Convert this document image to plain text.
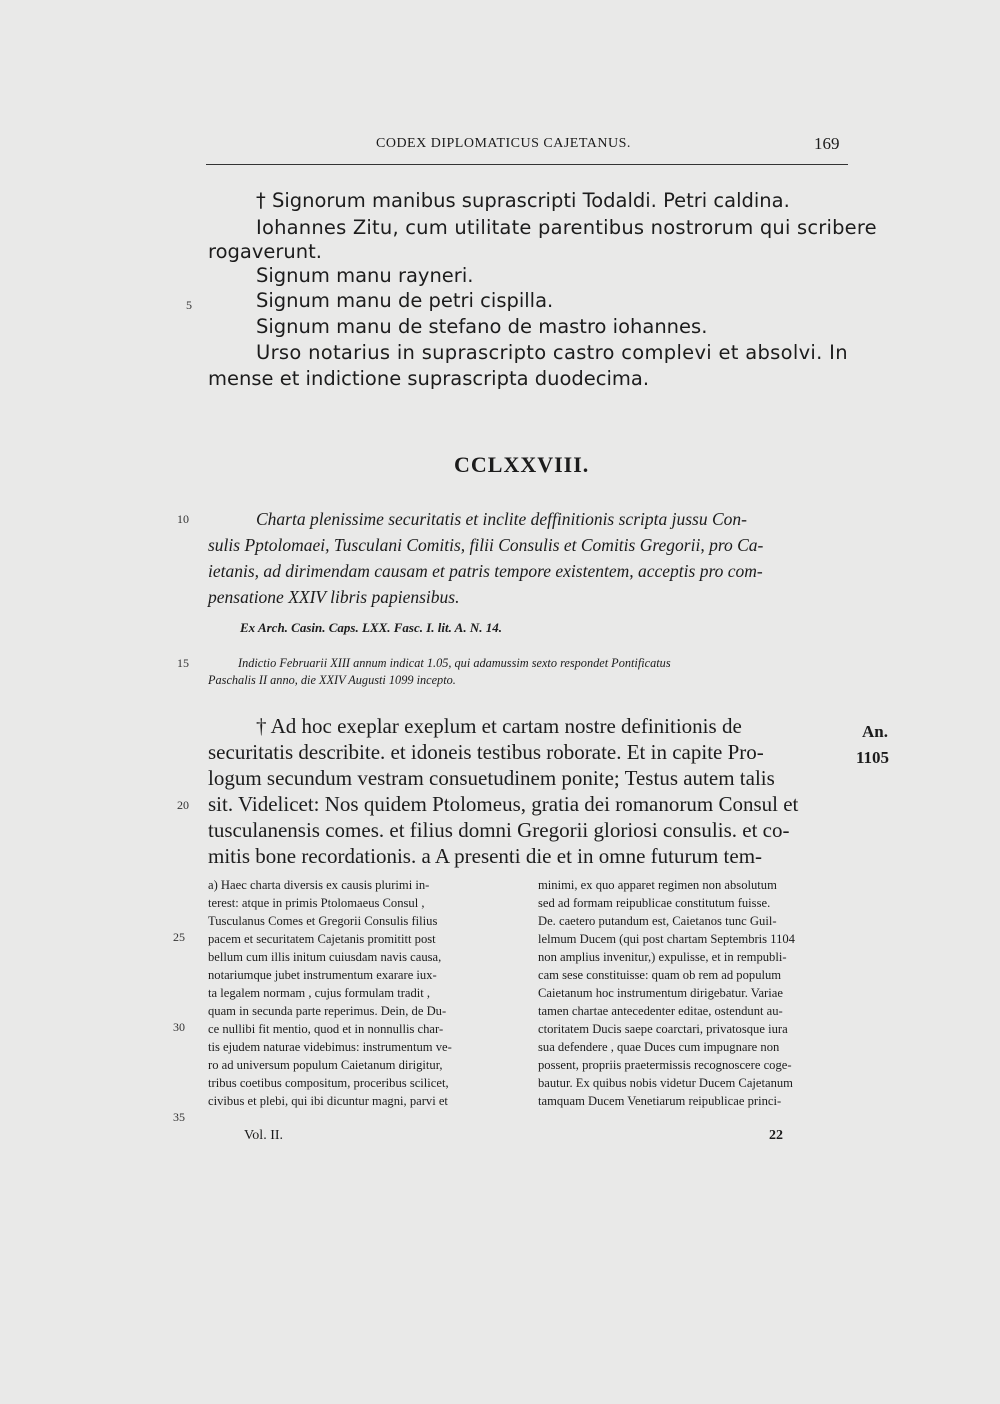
CODEX DIPLOMATICUS CAJETANUS.	169
5
10
15
20
25
30
35
† Signorum manibus suprascripti Todaldi. Petri caldina.
Iohannes Zitu, cum utilitate parentibus nostrorum qui scribere
rogaverunt.
Signum manu rayneri.
Signum manu de petri cispilla.
Signum manu de stefano de mastro iohannes.
Urso notarius in suprascripto castro complevi et absolvi. In
mense et indictione suprascripta duodecima.
CCLXXVIII.
Charta plenissime securitatis et inclite deffinitionis scripta jussu Con-
sulis Pptolomaei, Tusculani Comitis, filii Consulis et Comitis Gregorii, pro Ca-
ietanis, ad dirimendam causam et patris tempore existentem, acceptis pro com-
pensatione XXIV libris papiensibus.
Ex Arch. Casin. Caps. LXX. Fasc. I. lit. A. N. 14.
Indictio Februarii XIII annum indicat 1.05, qui adamussim sexto respondet Pontificatus
Paschalis II anno, die XXIV Augusti 1099 incepto.
† Ad hoc exeplar exeplum et cartam nostre definitionis de
securitatis describite. et idoneis testibus roborate. Et in capite Pro-
logum secundum vestram consuetudinem ponite; Testus autem talis
sit. Videlicet: Nos quidem Ptolomeus, gratia dei romanorum Consul et
tusculanensis comes. et filius domni Gregorii gloriosi consulis. et co-
mitis bone recordationis. a A presenti die et in omne futurum tem-
An.
1105
a) Haec charta diversis ex causis plurimi in-
terest: atque in primis Ptolomaeus Consul ,
Tusculanus Comes et Gregorii Consulis filius
pacem et securitatem Cajetanis promititt post
bellum cum illis initum cuiusdam navis causa,
notariumque jubet instrumentum exarare iux-
ta legalem normam , cujus formulam tradit ,
quam in secunda parte reperimus. Dein, de Du-
ce nullibi fit mentio, quod et in nonnullis char-
tis ejudem naturae videbimus: instrumentum ve-
ro ad universum populum Caietanum dirigitur,
tribus coetibus compositum, proceribus scilicet,
civibus et plebi, qui ibi dicuntur magni, parvi et
minimi, ex quo apparet regimen non absolutum
sed ad formam reipublicae constitutum fuisse.
De. caetero putandum est, Caietanos tunc Guil-
lelmum Ducem (qui post chartam Septembris 1104
non amplius invenitur,) expulisse, et in rempubli-
cam sese constituisse: quam ob rem ad populum
Caietanum hoc instrumentum dirigebatur. Variae
tamen chartae antecedenter editae, ostendunt au-
ctoritatem Ducis saepe coarctari, privatosque iura
sua defendere , quae Duces cum impugnare non
possent, propriis praetermissis recognoscere coge-
bautur. Ex quibus nobis videtur Ducem Cajetanum
tamquam Ducem Venetiarum reipublicae princi-
Vol. II.	22
